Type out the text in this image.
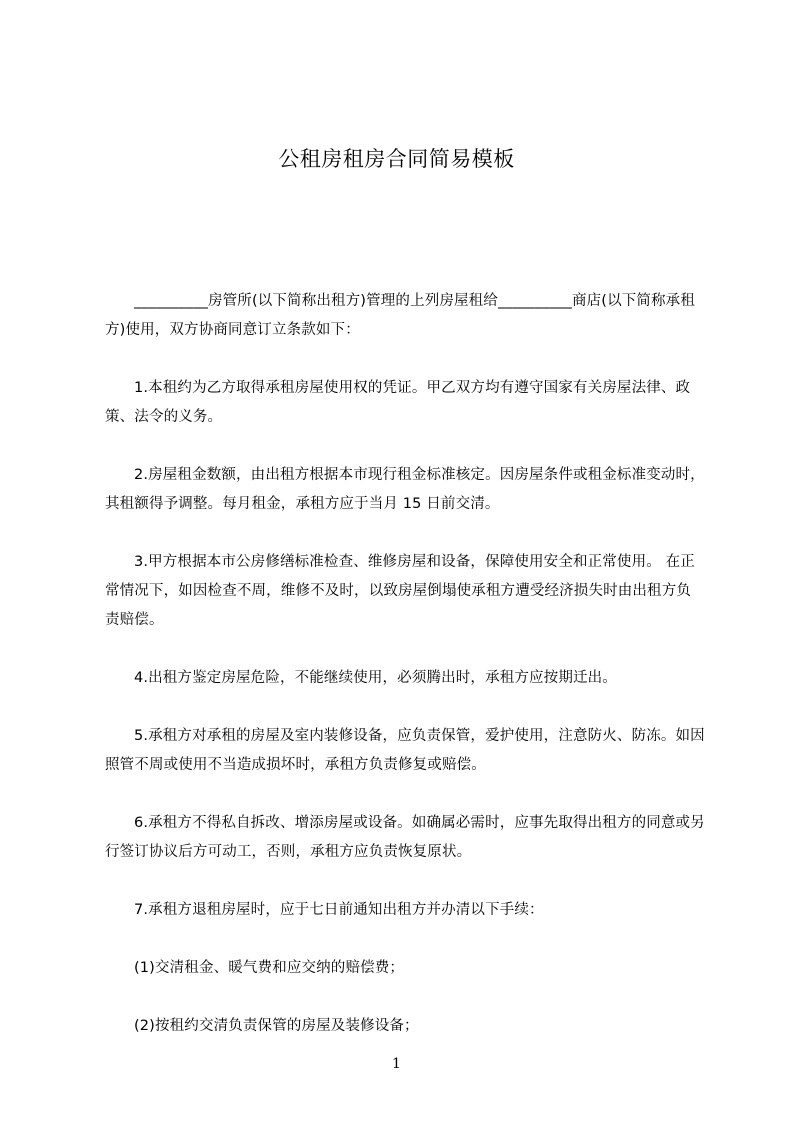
公租房租房合同简易模板

__________房管所(以下简称出租方)管理的上列房屋租给__________商店(以下简称承租方)使用，双方协商同意订立条款如下：

1.本租约为乙方取得承租房屋使用权的凭证。甲乙双方均有遵守国家有关房屋法律、政策、法令的义务。

2.房屋租金数额，由出租方根据本市现行租金标准核定。因房屋条件或租金标准变动时，其租额得予调整。每月租金，承租方应于当月 15 日前交清。

3.甲方根据本市公房修缮标准检查、维修房屋和设备，保障使用安全和正常使用。 在正常情况下，如因检查不周，维修不及时，以致房屋倒塌使承租方遭受经济损失时由出租方负责赔偿。

4.出租方鉴定房屋危险，不能继续使用，必须腾出时，承租方应按期迁出。

5.承租方对承租的房屋及室内装修设备，应负责保管，爱护使用，注意防火、防冻。如因照管不周或使用不当造成损坏时，承租方负责修复或赔偿。

6.承租方不得私自拆改、增添房屋或设备。如确属必需时，应事先取得出租方的同意或另行签订协议后方可动工，否则，承租方应负责恢复原状。

7.承租方退租房屋时，应于七日前通知出租方并办清以下手续：

(1)交清租金、暖气费和应交纳的赔偿费；

(2)按租约交清负责保管的房屋及装修设备；

1
